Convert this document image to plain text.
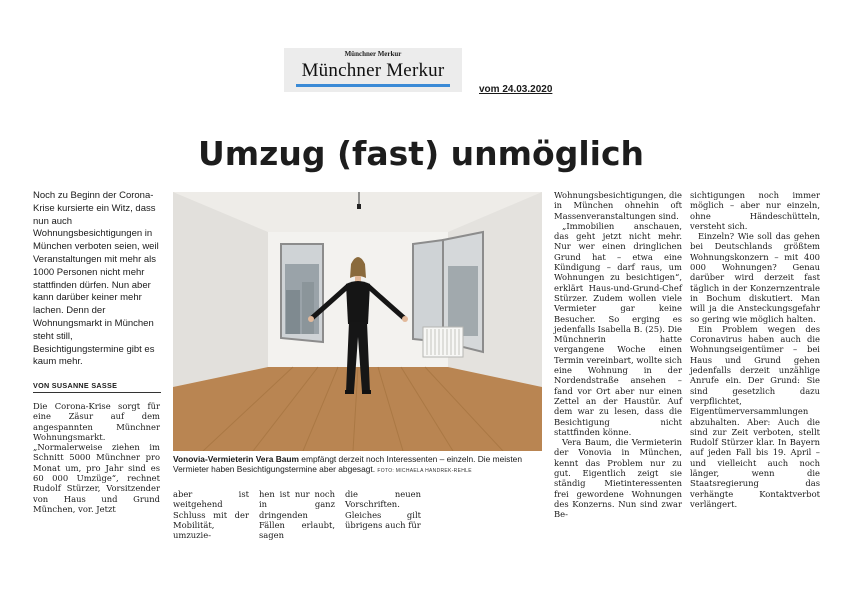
Münchner Merkur
Münchner Merkur
vom 24.03.2020
Umzug (fast) unmöglich
Noch zu Beginn der Corona-Krise kursierte ein Witz, dass nun auch Wohnungsbesichtigungen in München verboten seien, weil Veranstaltungen mit mehr als 1000 Personen nicht mehr stattfinden dürfen. Nun aber kann darüber keiner mehr lachen. Denn der Wohnungsmarkt in München steht still, Besichtigungstermine gibt es kaum mehr.
VON SUSANNE SASSE
Die Corona-Krise sorgt für eine Zäsur auf dem angespannten Münchner Wohnungsmarkt. „Normalerweise ziehen im Schnitt 5000 Münchner pro Monat um, pro Jahr sind es 60 000 Umzüge“, rechnet Rudolf Stürzer, Vorsitzender von Haus und Grund München, vor. Jetzt
Vonovia-Vermieterin Vera Baum empfängt derzeit noch Interessenten – einzeln. Die meisten Vermieter haben Besichtigungstermine aber abgesagt. FOTO: MICHAELA HANDREK-REHLE
aber ist weitgehend Schluss mit der Mobilität, umzuzie-
hen ist nur noch in ganz dringenden Fällen erlaubt, sagen
die neuen Vorschriften. Gleiches gilt übrigens auch für

Wohnungsbesichtigungen, die in München ohnehin oft Massenveranstaltungen sind.

„Immobilien anschauen, das geht jetzt nicht mehr. Nur wer einen dringlichen Grund hat – etwa eine Kündigung – darf raus, um Wohnungen zu besichtigen“, erklärt Haus-und-Grund-Chef Stürzer. Zudem wollen viele Vermieter gar keine Besucher. So erging es jedenfalls Isabella B. (25). Die Münchnerin hatte vergangene Woche einen Termin vereinbart, wollte sich eine Wohnung in der Nordendstraße ansehen – fand vor Ort aber nur einen Zettel an der Haustür. Auf dem war zu lesen, dass die Besichtigung nicht stattfinden könne.

Vera Baum, die Vermieterin der Vonovia in München, kennt das Problem nur zu gut. Eigentlich zeigt sie ständig Mietinteressenten frei gewordene Wohnungen des Konzerns. Nun sind zwar Be-

sichtigungen noch immer möglich – aber nur einzeln, ohne Händeschütteln, versteht sich.

Einzeln? Wie soll das gehen bei Deutschlands größtem Wohnungskonzern – mit 400 000 Wohnungen? Genau darüber wird derzeit fast täglich in der Konzernzentrale in Bochum diskutiert. Man will ja die Ansteckungsgefahr so gering wie möglich halten.

Ein Problem wegen des Coronavirus haben auch die Wohnungseigentümer – bei Haus und Grund gehen jedenfalls derzeit unzählige Anrufe ein. Der Grund: Sie sind gesetzlich dazu verpflichtet, Eigentümerversammlungen abzuhalten. Aber: Auch die sind zur Zeit verboten, stellt Rudolf Stürzer klar. In Bayern auf jeden Fall bis 19. April – und vielleicht auch noch länger, wenn die Staatsregierung das verhängte Kontaktverbot verlängert.
